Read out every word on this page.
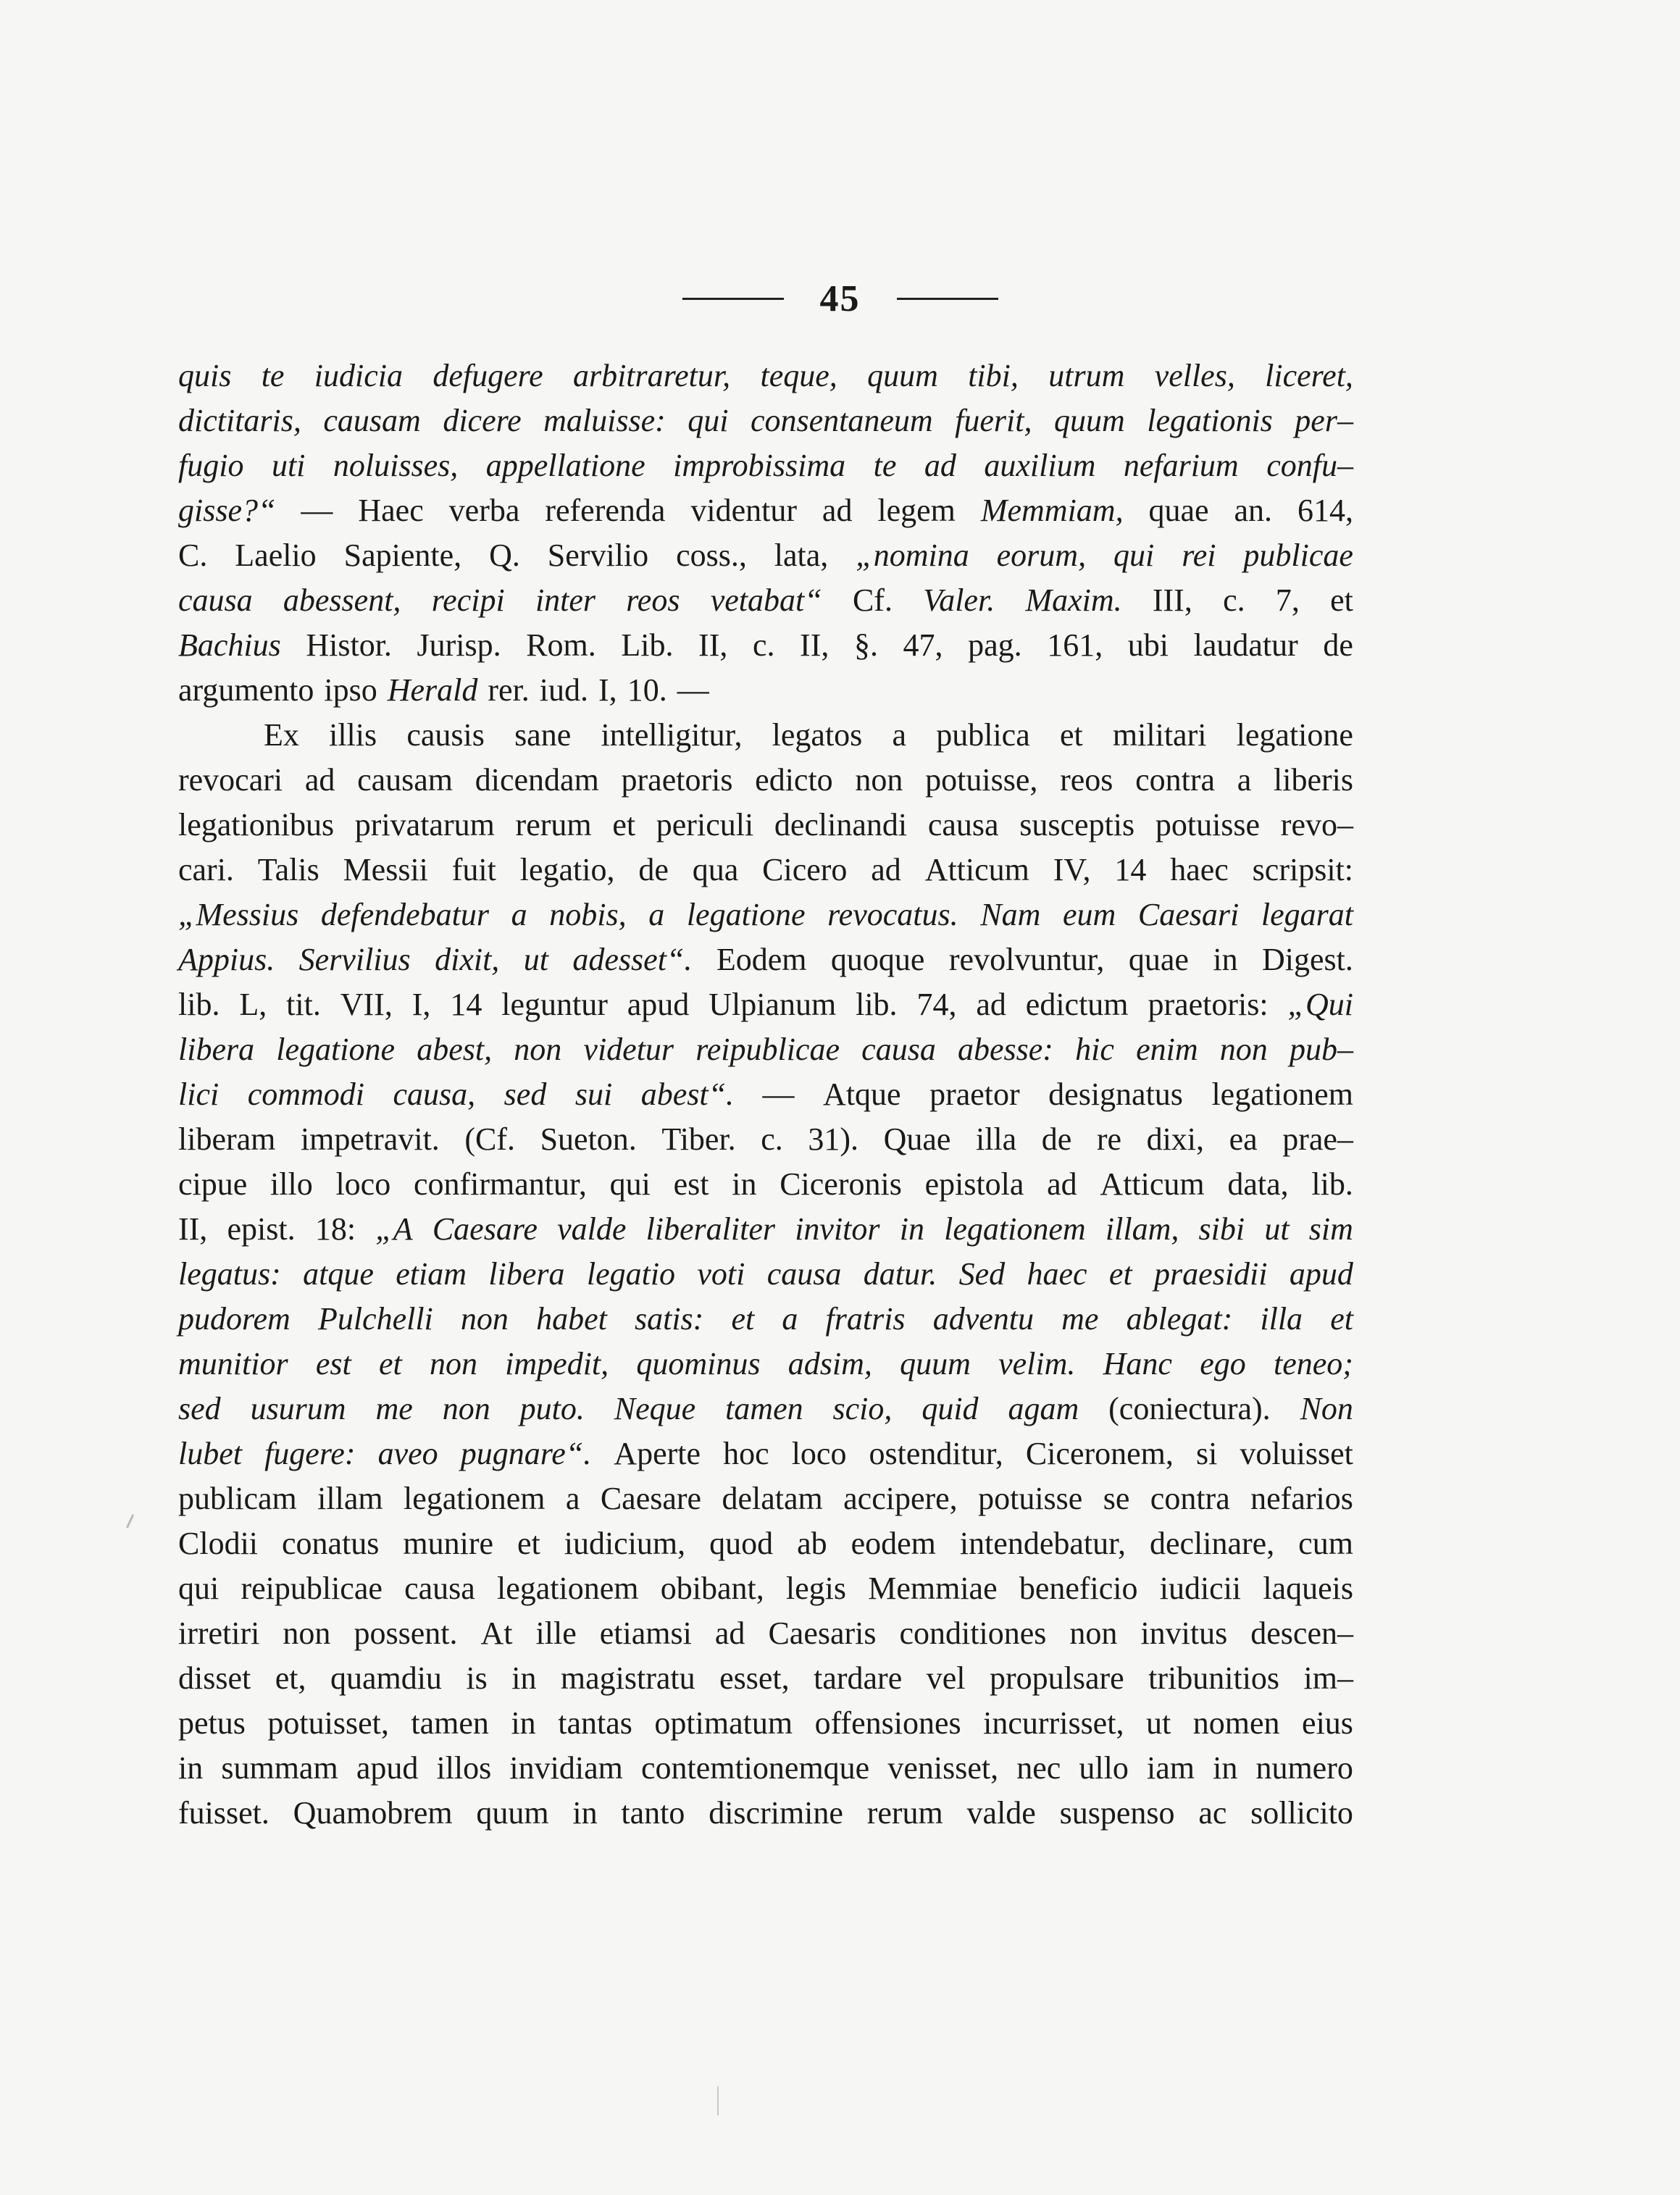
45
quis te iudicia defugere arbitraretur, teque, quum tibi, utrum velles, liceret,
dictitaris, causam dicere maluisse: qui consentaneum fuerit, quum legationis per–
fugio uti noluisses, appellatione improbissima te ad auxilium nefarium confu–
gisse?“ — Haec verba referenda videntur ad legem Memmiam, quae an. 614,
C. Laelio Sapiente, Q. Servilio coss., lata, „nomina eorum, qui rei publicae
causa abessent, recipi inter reos vetabat“ Cf. Valer. Maxim. III, c. 7, et
Bachius Histor. Jurisp. Rom. Lib. II, c. II, §. 47, pag. 161, ubi laudatur de
argumento ipso Herald rer. iud. I, 10. —
Ex illis causis sane intelligitur, legatos a publica et militari legatione
revocari ad causam dicendam praetoris edicto non potuisse, reos contra a liberis
legationibus privatarum rerum et periculi declinandi causa susceptis potuisse revo–
cari. Talis Messii fuit legatio, de qua Cicero ad Atticum IV, 14 haec scripsit:
„Messius defendebatur a nobis, a legatione revocatus. Nam eum Caesari legarat
Appius. Servilius dixit, ut adesset“. Eodem quoque revolvuntur, quae in Digest.
lib. L, tit. VII, I, 14 leguntur apud Ulpianum lib. 74, ad edictum praetoris: „Qui
libera legatione abest, non videtur reipublicae causa abesse: hic enim non pub–
lici commodi causa, sed sui abest“. — Atque praetor designatus legationem
liberam impetravit. (Cf. Sueton. Tiber. c. 31). Quae illa de re dixi, ea prae–
cipue illo loco confirmantur, qui est in Ciceronis epistola ad Atticum data, lib.
II, epist. 18: „A Caesare valde liberaliter invitor in legationem illam, sibi ut sim
legatus: atque etiam libera legatio voti causa datur. Sed haec et praesidii apud
pudorem Pulchelli non habet satis: et a fratris adventu me ablegat: illa et
munitior est et non impedit, quominus adsim, quum velim. Hanc ego teneo;
sed usurum me non puto. Neque tamen scio, quid agam (coniectura). Non
lubet fugere: aveo pugnare“. Aperte hoc loco ostenditur, Ciceronem, si voluisset
publicam illam legationem a Caesare delatam accipere, potuisse se contra nefarios
Clodii conatus munire et iudicium, quod ab eodem intendebatur, declinare, cum
qui reipublicae causa legationem obibant, legis Memmiae beneficio iudicii laqueis
irretiri non possent. At ille etiamsi ad Caesaris conditiones non invitus descen–
disset et, quamdiu is in magistratu esset, tardare vel propulsare tribunitios im–
petus potuisset, tamen in tantas optimatum offensiones incurrisset, ut nomen eius
in summam apud illos invidiam contemtionemque venisset, nec ullo iam in numero
fuisset. Quamobrem quum in tanto discrimine rerum valde suspenso ac sollicito
